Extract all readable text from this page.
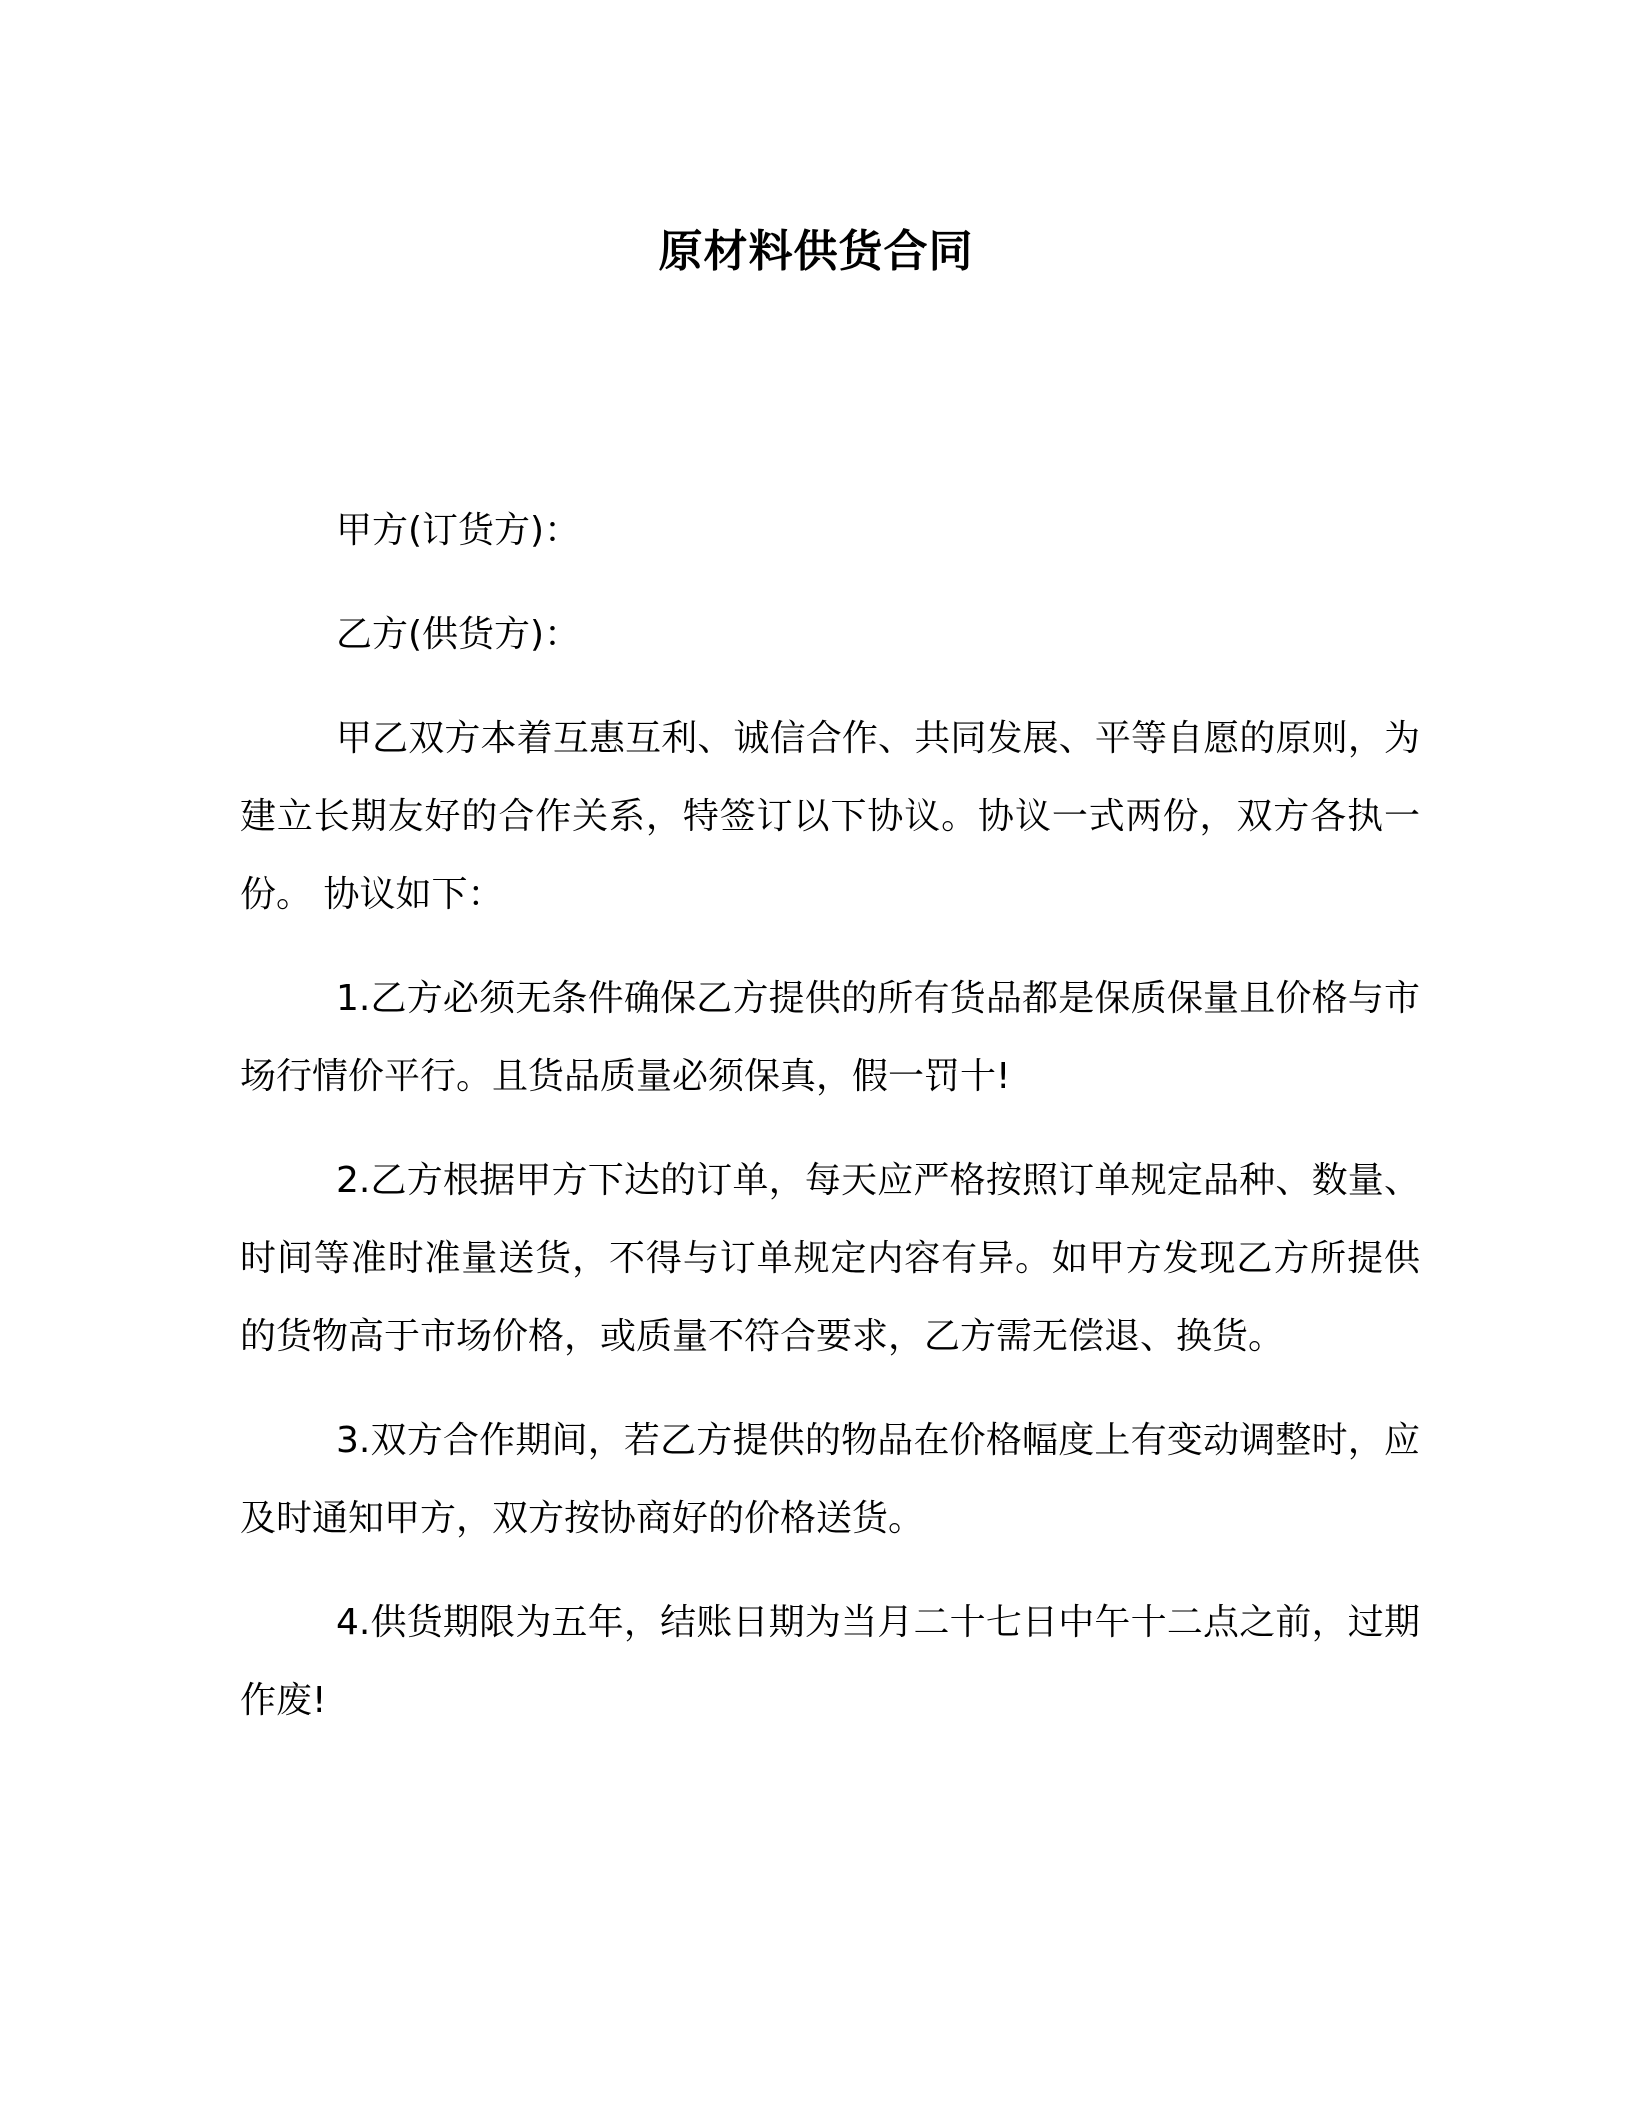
原材料供货合同

甲方(订货方)：

乙方(供货方)：

甲乙双方本着互惠互利、诚信合作、共同发展、平等自愿的原则，为建立长期友好的合作关系，特签订以下协议。协议一式两份，双方各执一份。 协议如下：

1.乙方必须无条件确保乙方提供的所有货品都是保质保量且价格与市场行情价平行。且货品质量必须保真，假一罚十!

2.乙方根据甲方下达的订单，每天应严格按照订单规定品种、数量、时间等准时准量送货，不得与订单规定内容有异。如甲方发现乙方所提供的货物高于市场价格，或质量不符合要求，乙方需无偿退、换货。

3.双方合作期间，若乙方提供的物品在价格幅度上有变动调整时，应及时通知甲方，双方按协商好的价格送货。

4.供货期限为五年，结账日期为当月二十七日中午十二点之前，过期作废!
